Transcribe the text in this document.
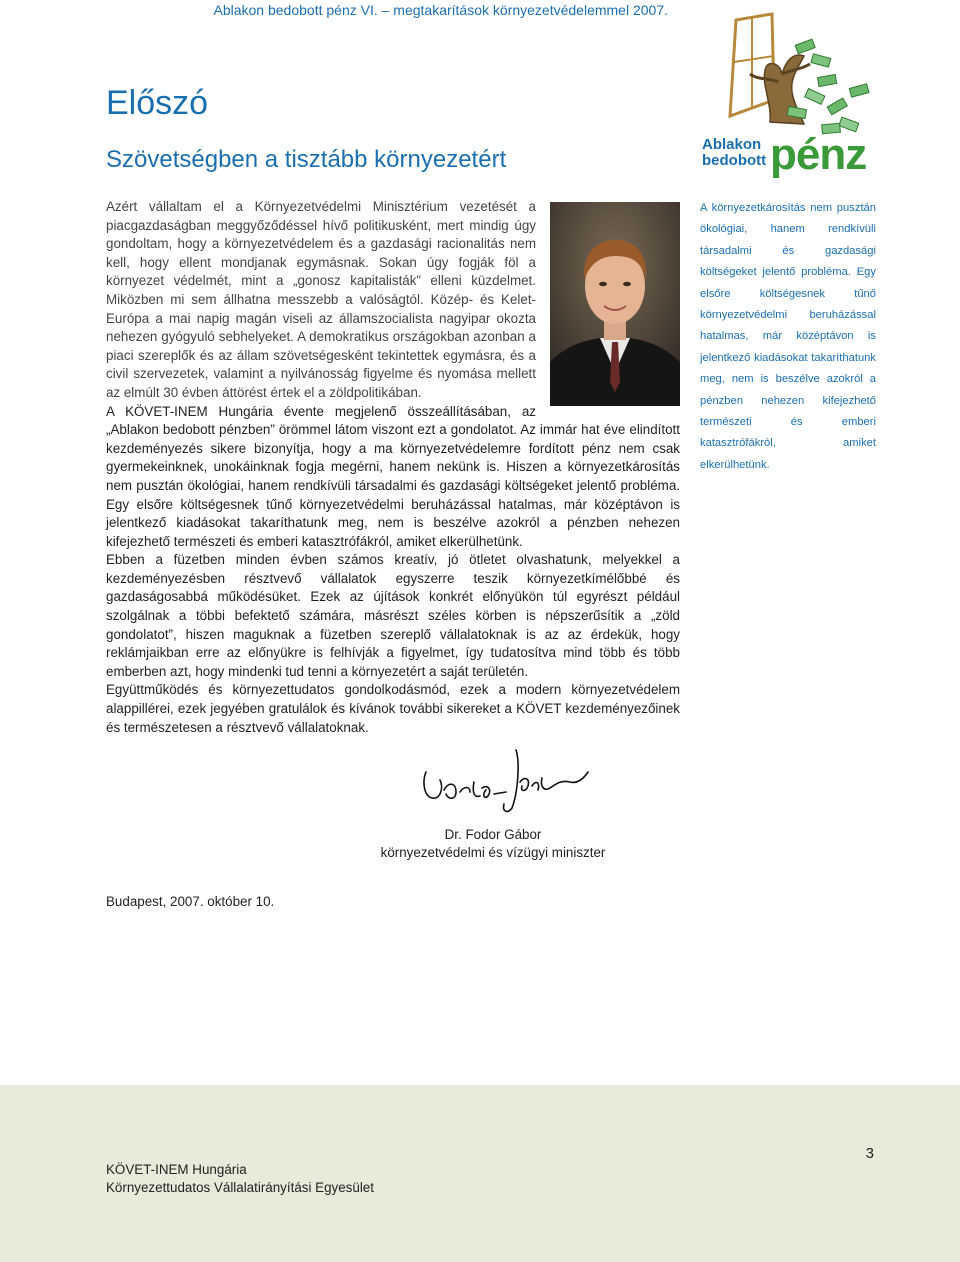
Ablakon bedobott pénz VI. – megtakarítások környezetvédelemmel 2007.
Előszó
Szövetségben a tisztább környezetért
Ablakon
bedobott pénz

Azért vállaltam el a Környezetvédelmi Minisztérium vezetését a piacgazdaságban meggyőződéssel hívő politikusként, mert mindig úgy gondoltam, hogy a környezetvédelem és a gazdasági racionalitás nem kell, hogy ellent mondjanak egymásnak. Sokan úgy fogják föl a környezet védelmét, mint a „gonosz kapitalisták” elleni küzdelmet. Miközben mi sem állhatna messzebb a valóságtól. Közép- és Kelet-Európa a mai napig magán viseli az államszocialista nagyipar okozta nehezen gyógyuló sebhelyeket. A demokratikus országokban azonban a piaci szereplők és az állam szövetségesként tekintettek egymásra, és a civil szervezetek, valamint a nyilvánosság figyelme és nyomása mellett az elmúlt 30 évben áttörést értek el a zöldpolitikában.

A KÖVET-INEM Hungária évente megjelenő összeállításában, az „Ablakon bedobott pénzben” örömmel látom viszont ezt a gondolatot. Az immár hat éve elindított kezdeményezés sikere bizonyítja, hogy a ma környezetvédelemre fordított pénz nem csak gyermekeinknek, unokáinknak fogja megérni, hanem nekünk is. Hiszen a környezetkárosítás nem pusztán ökológiai, hanem rendkívüli társadalmi és gazdasági költségeket jelentő probléma. Egy elsőre költségesnek tűnő környezetvédelmi beruházással hatalmas, már középtávon is jelentkező kiadásokat takaríthatunk meg, nem is beszélve azokról a pénzben nehezen kifejezhető természeti és emberi katasztrófákról, amiket elkerülhetünk.

Ebben a füzetben minden évben számos kreatív, jó ötletet olvashatunk, melyekkel a kezdeményezésben résztvevő vállalatok egyszerre teszik környezetkímélőbbé és gazdaságosabbá működésüket. Ezek az újítások konkrét előnyükön túl egyrészt például szolgálnak a többi befektető számára, másrészt széles körben is népszerűsítik a „zöld gondolatot”, hiszen maguknak a füzetben szereplő vállalatoknak is az az érdekük, hogy reklámjaikban erre az előnyükre is felhívják a figyelmet, így tudatosítva mind több és több emberben azt, hogy mindenki tud tenni a környezetért a saját területén.

Együttműködés és környezettudatos gondolkodásmód, ezek a modern környezetvédelem alappillérei, ezek jegyében gratulálok és kívánok további sikereket a KÖVET kezdeményezőinek és természetesen a résztvevő vállalatoknak.

A környezetkárosítás nem pusztán ökológiai, hanem rendkívüli társadalmi és gazdasági költségeket jelentő probléma. Egy elsőre költségesnek tűnő környezetvédelmi beruházással hatalmas, már középtávon is jelentkező kiadásokat takaríthatunk meg, nem is beszélve azokról a pénzben nehezen kifejezhető természeti és emberi katasztrófákról, amiket elkerülhetünk.
Dr. Fodor Gábor
környezetvédelmi és vízügyi miniszter
Budapest, 2007. október 10.
KÖVET-INEM Hungária
Környezettudatos Vállalatirányítási Egyesület
3
